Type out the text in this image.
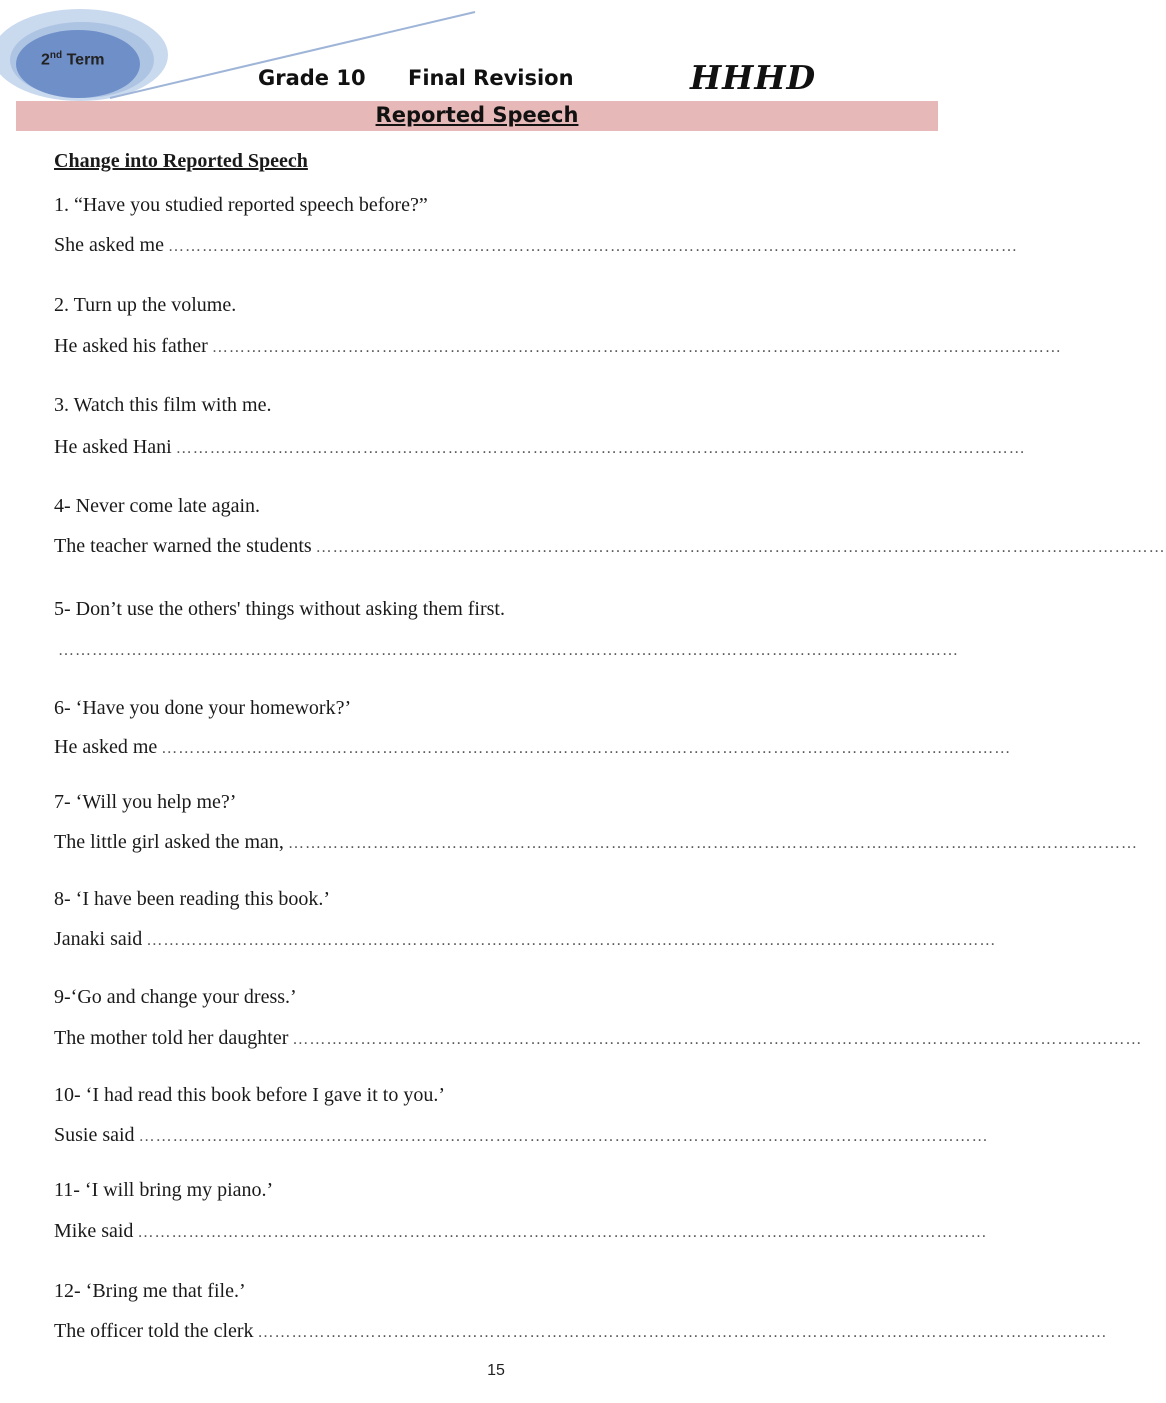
2nd Term
Grade 10 Final Revision	HHHD
Reported Speech
Change into Reported Speech
1. “Have you studied reported speech before?”
She asked me ……………………………………………………………………………………………………………………………………
2. Turn up the volume.
He asked his father ……………………………………………………………………………………………………………………………………
3. Watch this film with me.
He asked Hani ……………………………………………………………………………………………………………………………………
4- Never come late again.
The teacher warned the students ……………………………………………………………………………………………………………………………………
5- Don’t use the others' things without asking them first.
……………………………………………………………………………………………………………………………………………
6- ‘Have you done your homework?’
He asked me ……………………………………………………………………………………………………………………………………
7- ‘Will you help me?’
The little girl asked the man, ……………………………………………………………………………………………………………………………………
8- ‘I have been reading this book.’
Janaki said ……………………………………………………………………………………………………………………………………
9-‘Go and change your dress.’
The mother told her daughter ……………………………………………………………………………………………………………………………………
10- ‘I had read this book before I gave it to you.’
Susie said ……………………………………………………………………………………………………………………………………
11- ‘I will bring my piano.’
Mike said ……………………………………………………………………………………………………………………………………
12- ‘Bring me that file.’
The officer told the clerk ……………………………………………………………………………………………………………………………………
15
